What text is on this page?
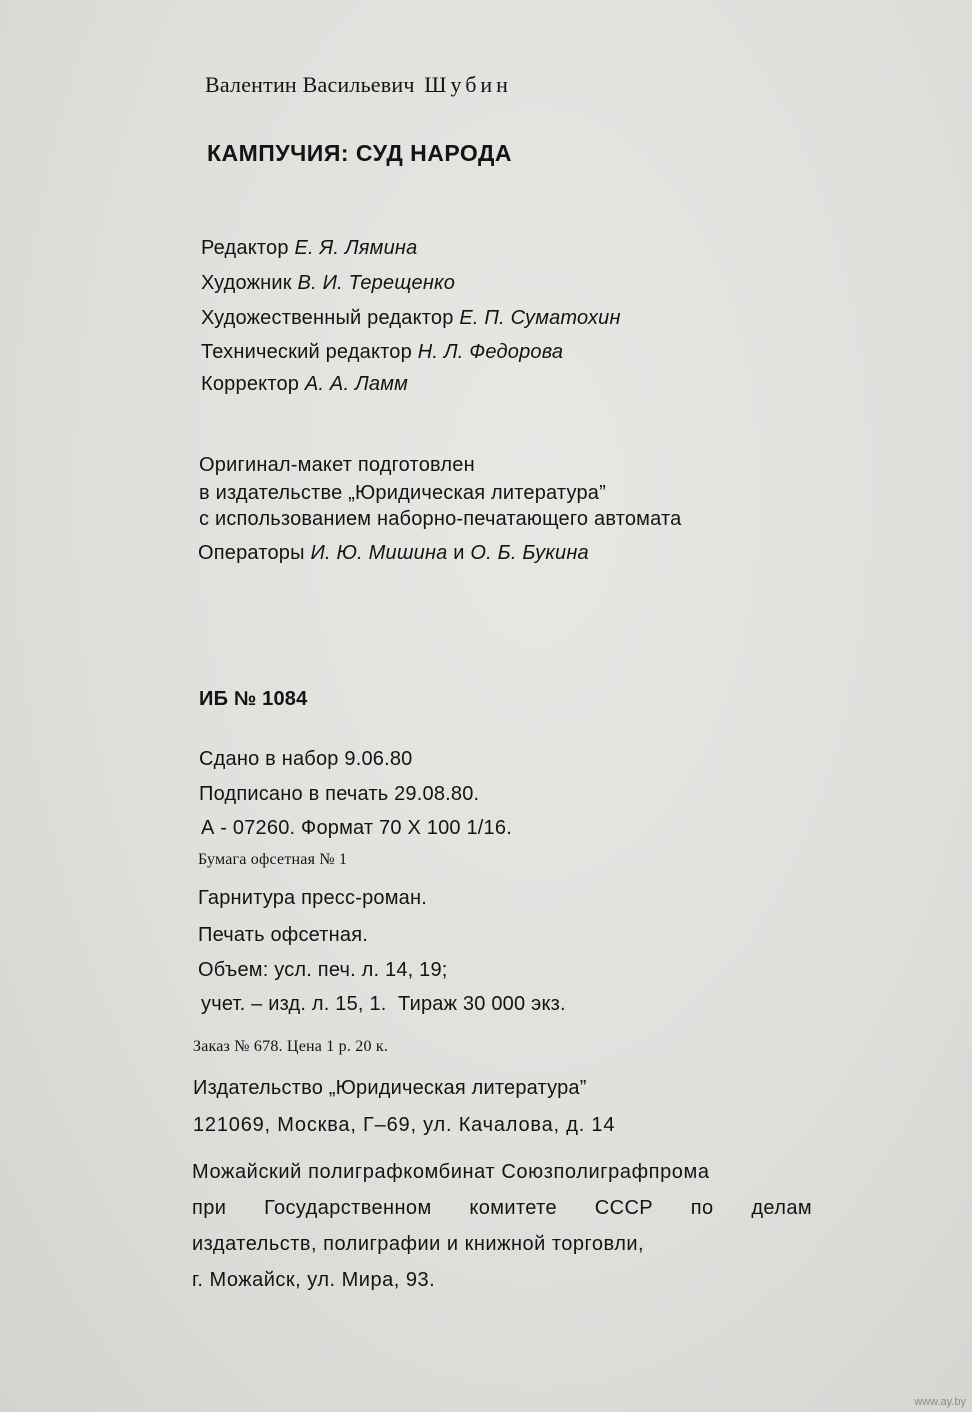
​
Валентин Васильевич Шубин
КАМПУЧИЯ: СУД НАРОДА
Редактор Е. Я. Лямина
Художник В. И. Терещенко
Художественный редактор Е. П. Суматохин
Технический редактор Н. Л. Федорова
Корректор А. А. Ламм
Оригинал-макет подготовлен
в издательстве „Юридическая литература”
с использованием наборно-печатающего автомата
Операторы И. Ю. Мишина и О. Б. Букина
ИБ № 1084
Сдано в набор 9.06.80
Подписано в печать 29.08.80.
А - 07260. Формат 70 Х 100 1/16.
Бумага офсетная № 1
Гарнитура пресс-роман.
Печать офсетная.
Объем: усл. печ. л. 14, 19;
учет. – изд. л. 15, 1.  Тираж 30 000 экз.
Заказ № 678. Цена 1 р. 20 к.
Издательство „Юридическая литература”
121069, Москва, Г–69, ул. Качалова, д. 14
Можайский полиграфкомбинат Союзполиграфпрома
при Государственном комитете СССР по делам
издательств, полиграфии и книжной торговли,
г. Можайск, ул. Мира, 93.
www.ay.by
